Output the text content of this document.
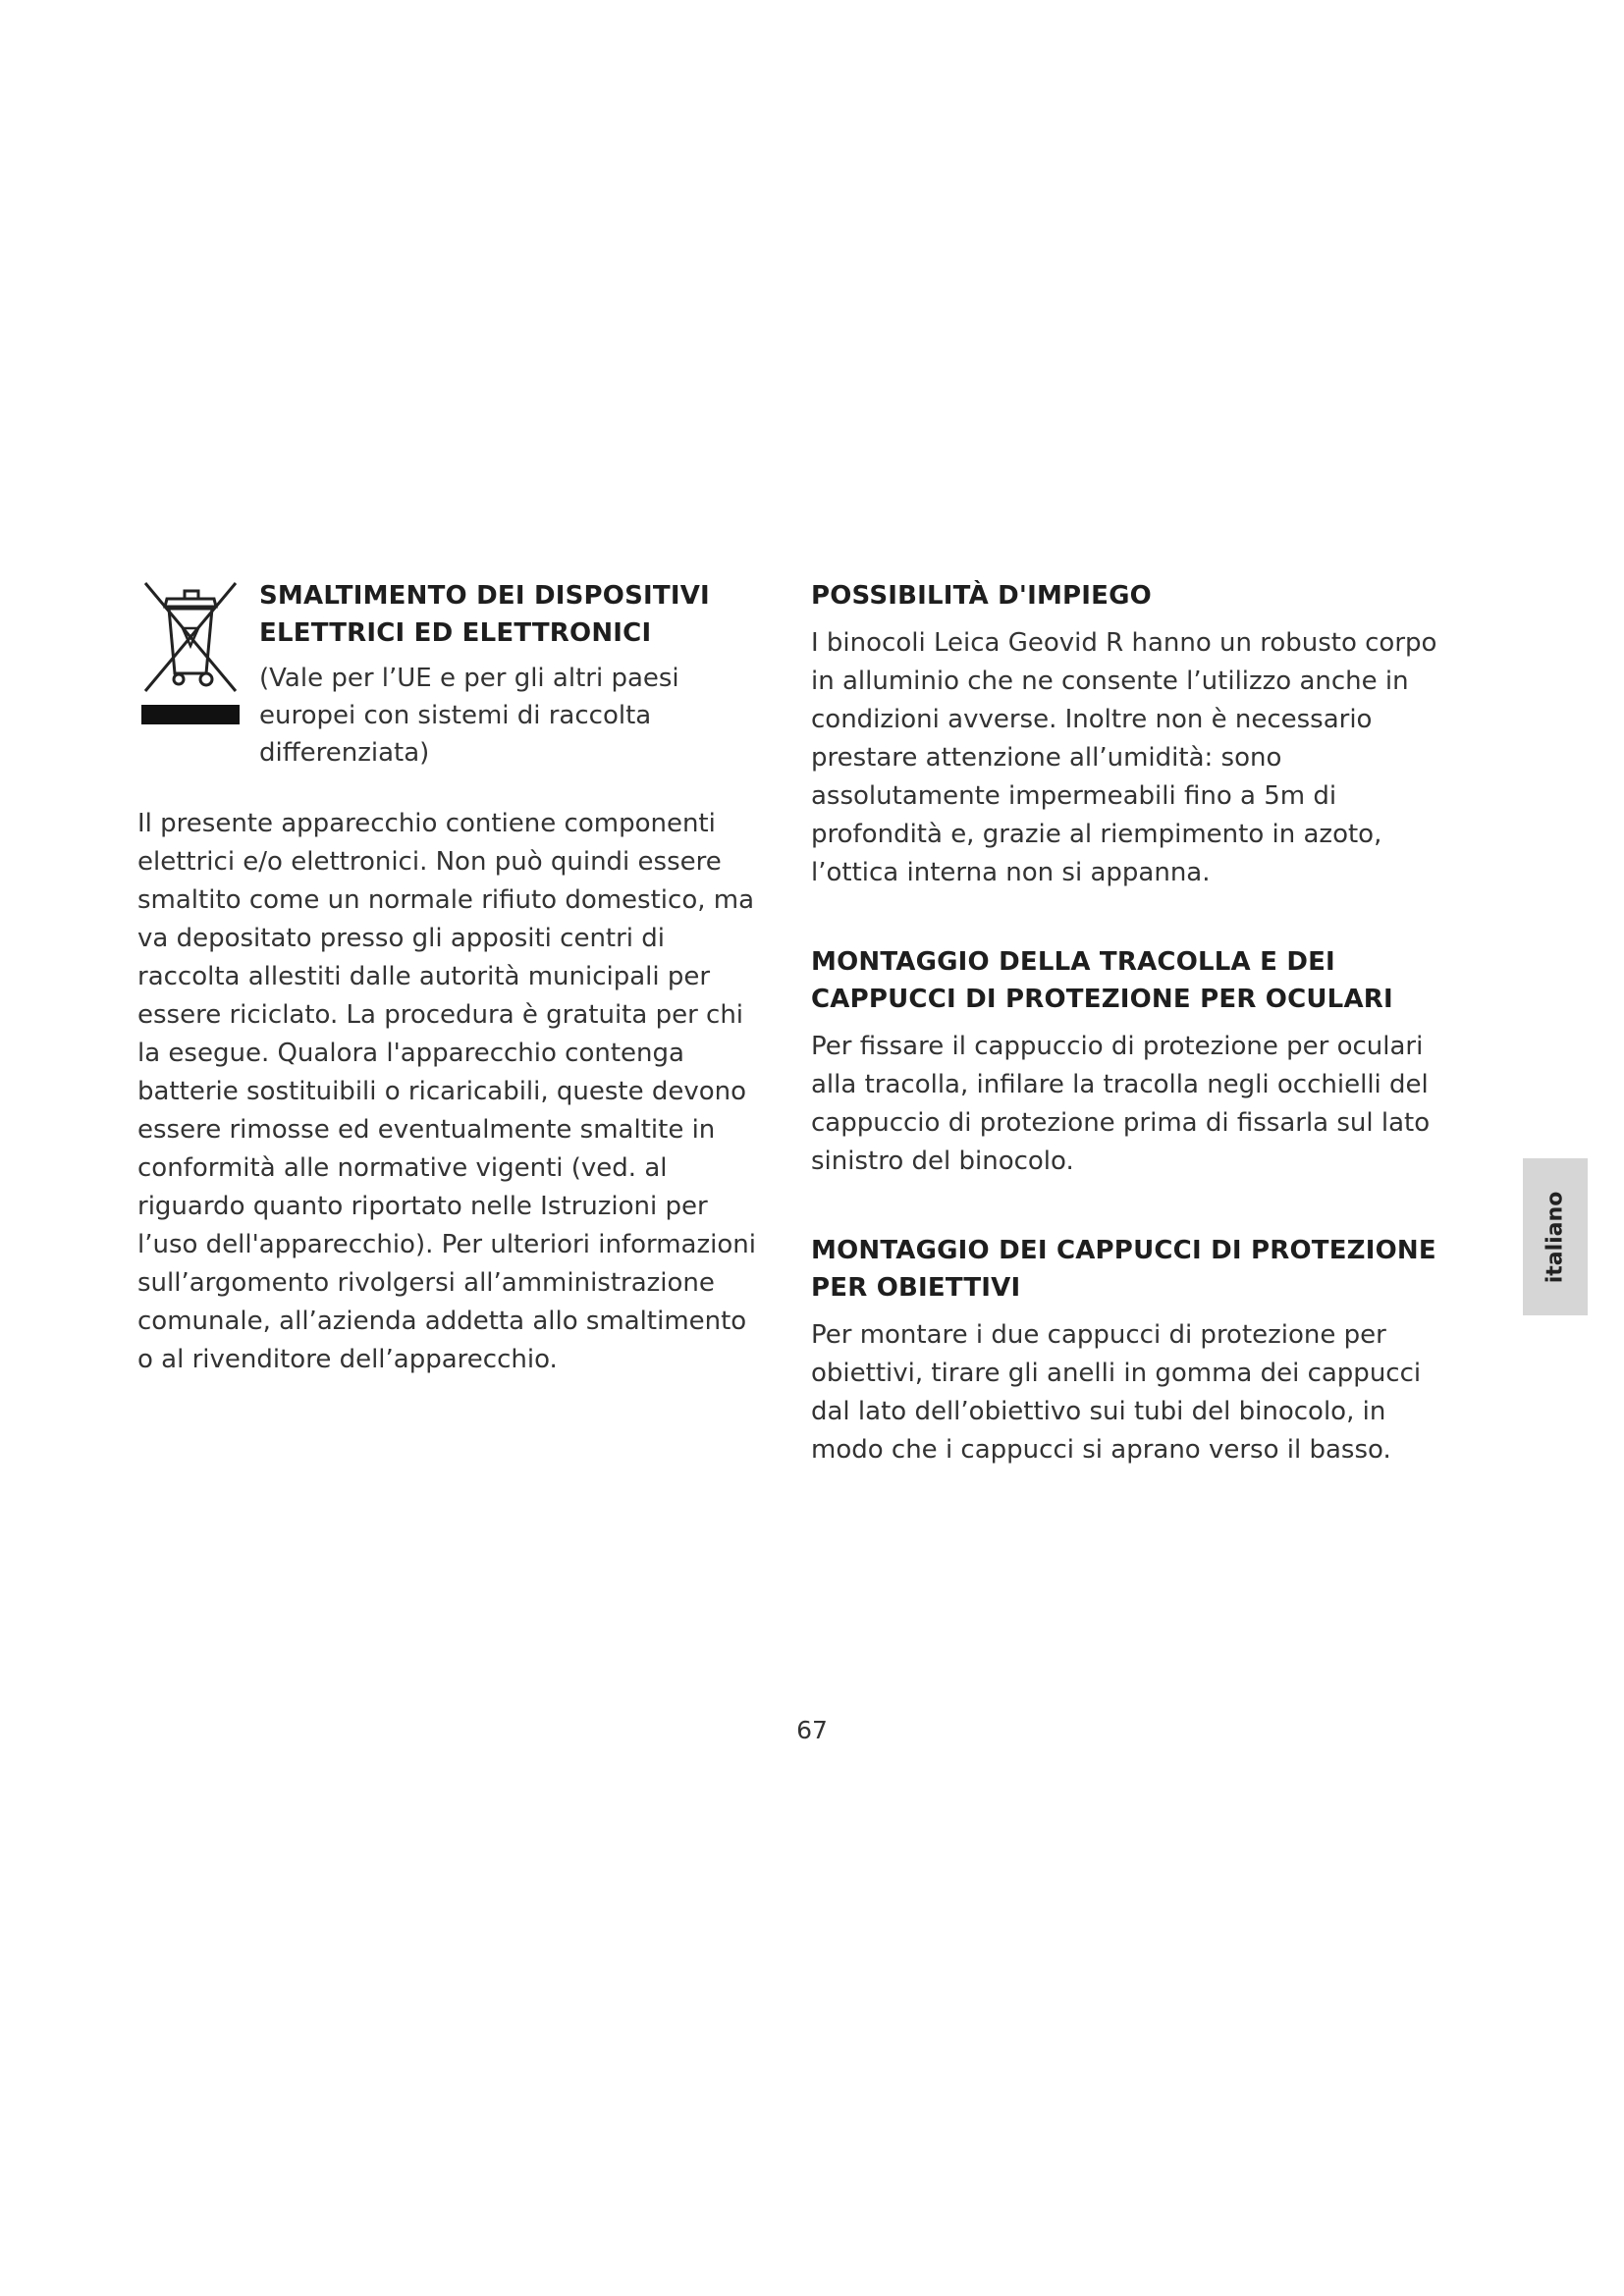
SMALTIMENTO DEI DISPOSITIVI
ELETTRICI ED ELETTRONICI

(Vale per l’UE e per gli altri paesi europei con sistemi di raccolta differenziata)

Il presente apparecchio contiene componenti elettrici e/o elettronici. Non può quindi essere smaltito come un normale rifiuto domestico, ma va depositato presso gli appositi centri di raccolta allestiti dalle autorità municipali per essere riciclato. La procedura è gratuita per chi la esegue. Qualora l'apparecchio contenga batterie sostituibili o ricaricabili, queste devono essere rimosse ed eventualmente smaltite in conformità alle normative vigenti (ved. al riguardo quanto riportato nelle Istruzioni per l’uso dell'apparecchio). Per ulteriori informazioni sull’argomento rivolgersi all’amministrazione comunale, all’azienda addetta allo smaltimento o al rivenditore dell’apparecchio.

POSSIBILITÀ D'IMPIEGO

I binocoli Leica Geovid R hanno un robusto corpo in alluminio che ne consente l’utilizzo anche in condizioni avverse. Inoltre non è necessario prestare attenzione all’umidità: sono assolutamente impermeabili fino a 5m di profondità e, grazie al riempimento in azoto, l’ottica interna non si appanna.

MONTAGGIO DELLA TRACOLLA E DEI CAPPUCCI DI PROTEZIONE PER OCULARI

Per fissare il cappuccio di protezione per oculari alla tracolla, infilare la tracolla negli occhielli del cappuccio di protezione prima di fissarla sul lato sinistro del binocolo.

MONTAGGIO DEI CAPPUCCI DI PROTEZIONE PER OBIETTIVI

Per montare i due cappucci di protezione per obiettivi, tirare gli anelli in gomma dei cappucci dal lato dell’obiettivo sui tubi del binocolo, in modo che i cappucci si aprano verso il basso.

italiano
67
